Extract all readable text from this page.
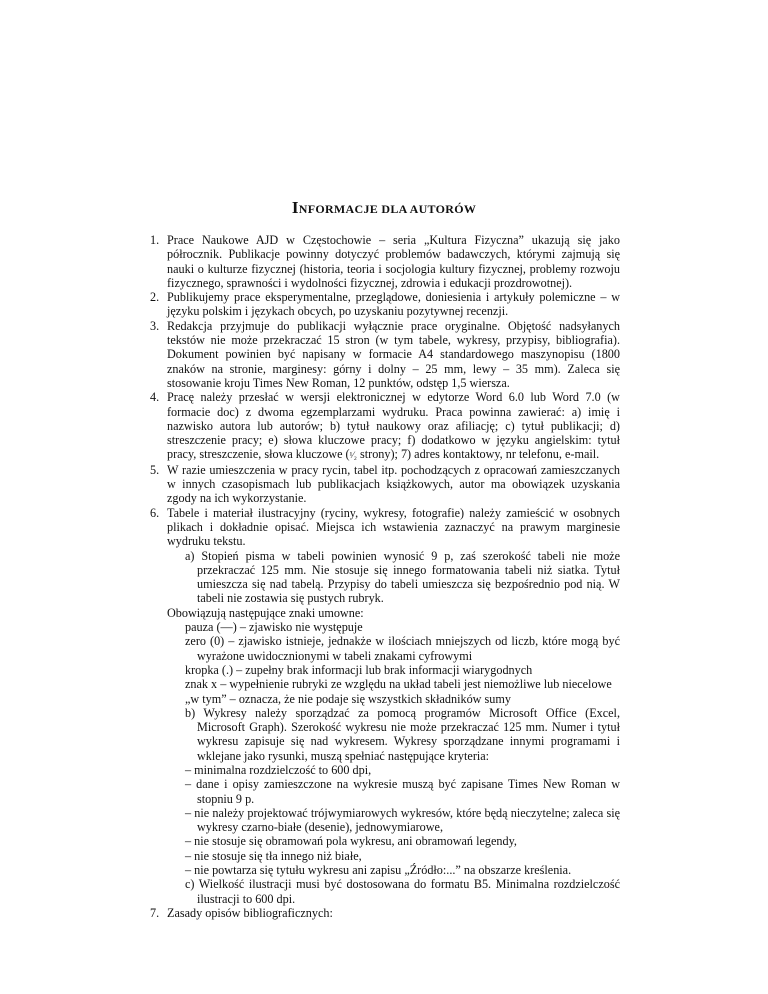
INFORMACJE DLA AUTORÓW
1. Prace Naukowe AJD w Częstochowie – seria „Kultura Fizyczna” ukazują się jako półrocznik. Publikacje powinny dotyczyć problemów badawczych, którymi zajmują się nauki o kulturze fizycznej (historia, teoria i socjologia kultury fizycznej, problemy rozwoju fizycznego, sprawności i wydolności fizycznej, zdrowia i edukacji prozdrowotnej).

2. Publikujemy prace eksperymentalne, przeglądowe, doniesienia i artykuły polemiczne – w języku polskim i językach obcych, po uzyskaniu pozytywnej recenzji.

3. Redakcja przyjmuje do publikacji wyłącznie prace oryginalne. Objętość nadsyłanych tekstów nie może przekraczać 15 stron (w tym tabele, wykresy, przypisy, bibliografia). Dokument powinien być napisany w formacie A4 standardowego maszynopisu (1800 znaków na stronie, marginesy: górny i dolny – 25 mm, lewy – 35 mm). Zaleca się stosowanie kroju Times New Roman, 12 punktów, odstęp 1,5 wiersza.

4. Pracę należy przesłać w wersji elektronicznej w edytorze Word 6.0 lub Word 7.0 (w formacie doc) z dwoma egzemplarzami wydruku. Praca powinna zawierać: a) imię i nazwisko autora lub autorów; b) tytuł naukowy oraz afiliację; c) tytuł publikacji; d) streszczenie pracy; e) słowa kluczowe pracy; f) dodatkowo w języku angielskim: tytuł pracy, streszczenie, słowa kluczowe (¹⁄₂ strony); 7) adres kontaktowy, nr telefonu, e-mail.

5. W razie umieszczenia w pracy rycin, tabel itp. pochodzących z opracowań zamieszczanych w innych czasopismach lub publikacjach książkowych, autor ma obowiązek uzyskania zgody na ich wykorzystanie.

6. Tabele i materiał ilustracyjny (ryciny, wykresy, fotografie) należy zamieścić w osobnych plikach i dokładnie opisać. Miejsca ich wstawienia zaznaczyć na prawym marginesie wydruku tekstu.

a) Stopień pisma w tabeli powinien wynosić 9 p, zaś szerokość tabeli nie może przekraczać 125 mm. Nie stosuje się innego formatowania tabeli niż siatka. Tytuł umieszcza się nad tabelą. Przypisy do tabeli umieszcza się bezpośrednio pod nią. W tabeli nie zostawia się pustych rubryk.

Obowiązują następujące znaki umowne:

pauza (—) – zjawisko nie występuje

zero (0) – zjawisko istnieje, jednakże w ilościach mniejszych od liczb, które mogą być wyrażone uwidocznionymi w tabeli znakami cyfrowymi

kropka (.) – zupełny brak informacji lub brak informacji wiarygodnych

znak x – wypełnienie rubryki ze względu na układ tabeli jest niemożliwe lub niecelowe

„w tym” – oznacza, że nie podaje się wszystkich składników sumy

b) Wykresy należy sporządzać za pomocą programów Microsoft Office (Excel, Microsoft Graph). Szerokość wykresu nie może przekraczać 125 mm. Numer i tytuł wykresu zapisuje się nad wykresem. Wykresy sporządzane innymi programami i wklejane jako rysunki, muszą spełniać następujące kryteria:

– minimalna rozdzielczość to 600 dpi,

– dane i opisy zamieszczone na wykresie muszą być zapisane Times New Roman w stopniu 9 p.

– nie należy projektować trójwymiarowych wykresów, które będą nieczytelne; zaleca się wykresy czarno-białe (desenie), jednowymiarowe,

– nie stosuje się obramowań pola wykresu, ani obramowań legendy,

– nie stosuje się tła innego niż białe,

– nie powtarza się tytułu wykresu ani zapisu „Źródło:...” na obszarze kreślenia.

c) Wielkość ilustracji musi być dostosowana do formatu B5. Minimalna rozdzielczość ilustracji to 600 dpi.

7. Zasady opisów bibliograficznych:
